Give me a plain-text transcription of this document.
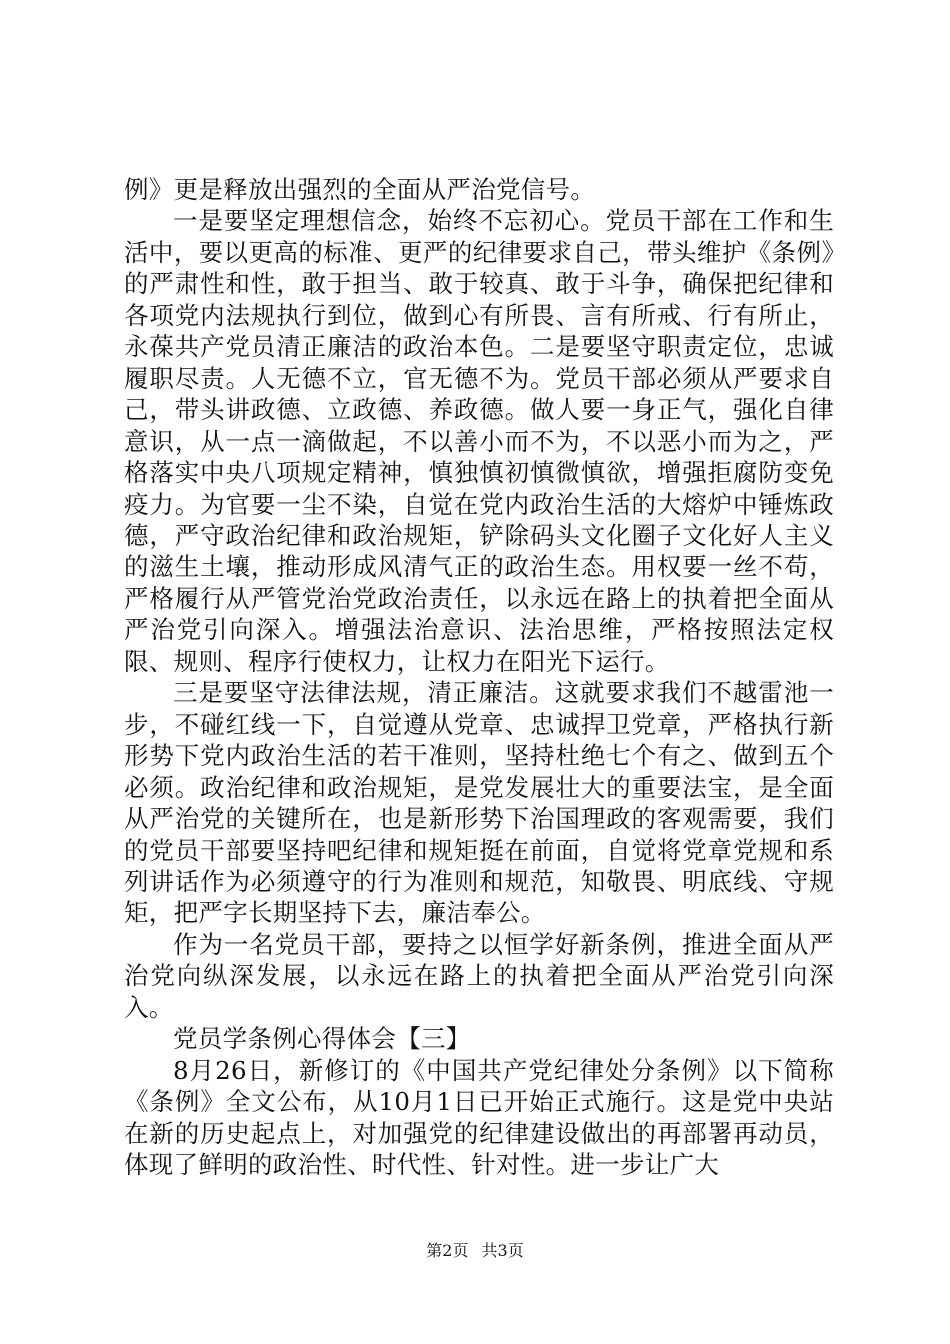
例》更是释放出强烈的全面从严治党信号。

一是要坚定理想信念，始终不忘初心。党员干部在工作和生活中，要以更高的标准、更严的纪律要求自己，带头维护《条例》的严肃性和性，敢于担当、敢于较真、敢于斗争，确保把纪律和各项党内法规执行到位，做到心有所畏、言有所戒、行有所止，永葆共产党员清正廉洁的政治本色。二是要坚守职责定位，忠诚履职尽责。人无德不立，官无德不为。党员干部必须从严要求自己，带头讲政德、立政德、养政德。做人要一身正气，强化自律意识，从一点一滴做起，不以善小而不为，不以恶小而为之，严格落实中央八项规定精神，慎独慎初慎微慎欲，增强拒腐防变免疫力。为官要一尘不染，自觉在党内政治生活的大熔炉中锤炼政德，严守政治纪律和政治规矩，铲除码头文化圈子文化好人主义的滋生土壤，推动形成风清气正的政治生态。用权要一丝不苟，严格履行从严管党治党政治责任，以永远在路上的执着把全面从严治党引向深入。增强法治意识、法治思维，严格按照法定权限、规则、程序行使权力，让权力在阳光下运行。

三是要坚守法律法规，清正廉洁。这就要求我们不越雷池一步，不碰红线一下，自觉遵从党章、忠诚捍卫党章，严格执行新形势下党内政治生活的若干准则，坚持杜绝七个有之、做到五个必须。政治纪律和政治规矩，是党发展壮大的重要法宝，是全面从严治党的关键所在，也是新形势下治国理政的客观需要，我们的党员干部要坚持吧纪律和规矩挺在前面，自觉将党章党规和系列讲话作为必须遵守的行为准则和规范，知敬畏、明底线、守规矩，把严字长期坚持下去，廉洁奉公。

作为一名党员干部，要持之以恒学好新条例，推进全面从严治党向纵深发展，以永远在路上的执着把全面从严治党引向深入。

党员学条例心得体会【三】

8月26日，新修订的《中国共产党纪律处分条例》以下简称《条例》全文公布，从10月1日已开始正式施行。这是党中央站在新的历史起点上，对加强党的纪律建设做出的再部署再动员，体现了鲜明的政治性、时代性、针对性。进一步让广大

第2页 共3页
